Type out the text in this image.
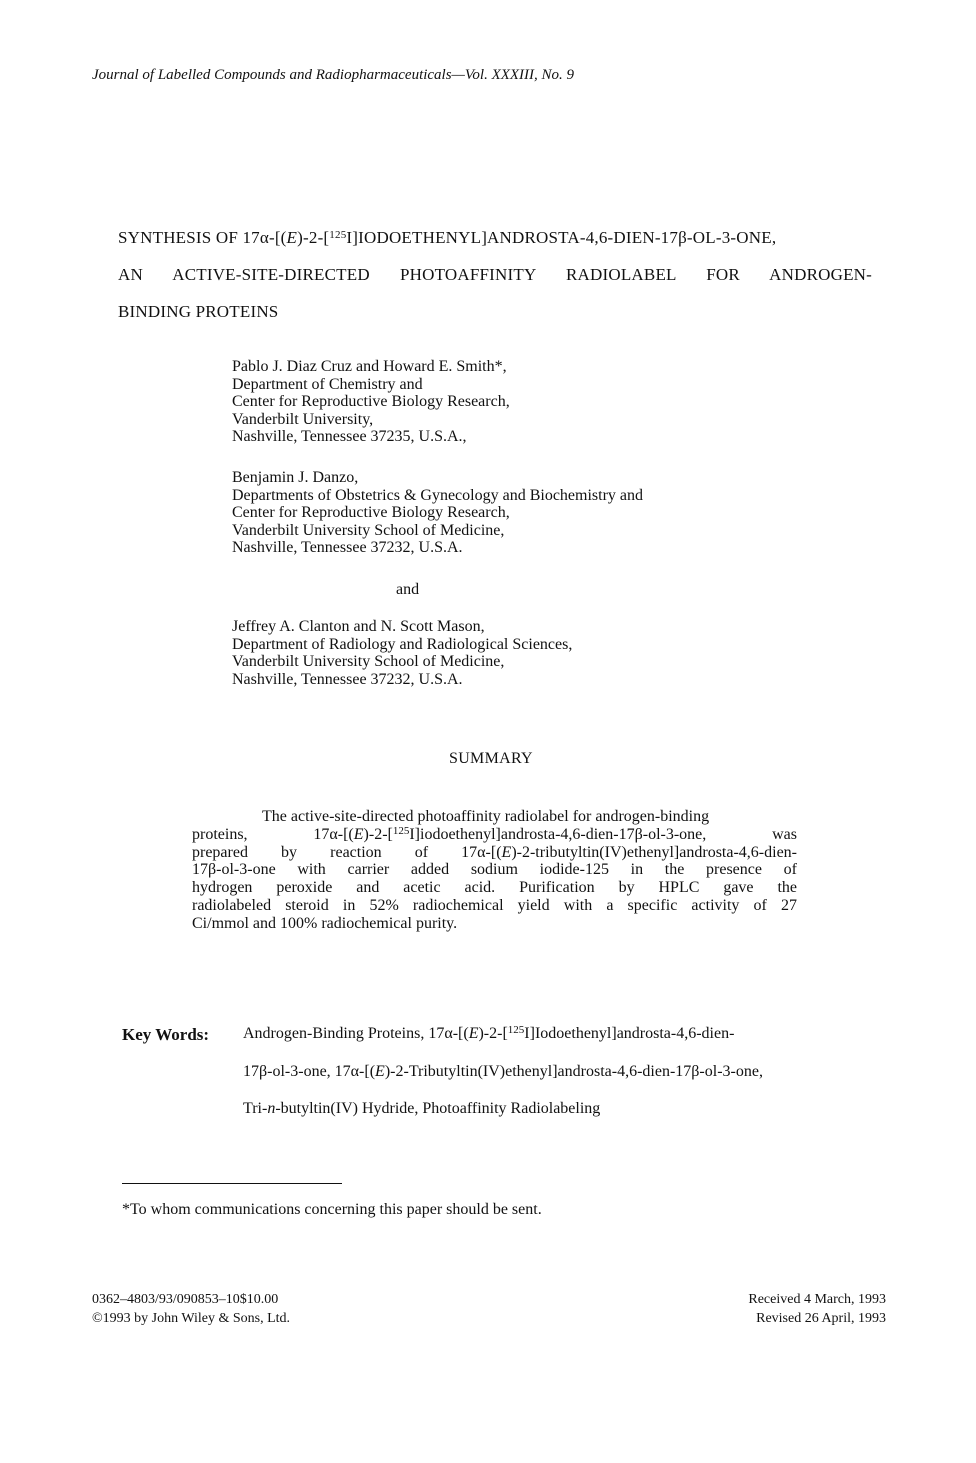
Journal of Labelled Compounds and Radiopharmaceuticals—Vol. XXXIII, No. 9
SYNTHESIS OF 17α-[(E)-2-[$^{125}$I]IODOETHENYL]ANDROSTA-4,6-DIEN-17β-OL-3-ONE,
AN ACTIVE-SITE-DIRECTED PHOTOAFFINITY RADIOLABEL FOR ANDROGEN-
BINDING PROTEINS
Pablo J. Diaz Cruz and Howard E. Smith*,
Department of Chemistry and
Center for Reproductive Biology Research,
Vanderbilt University,
Nashville, Tennessee 37235, U.S.A.,
Benjamin J. Danzo,
Departments of Obstetrics & Gynecology and Biochemistry and
Center for Reproductive Biology Research,
Vanderbilt University School of Medicine,
Nashville, Tennessee 37232, U.S.A.
and
Jeffrey A. Clanton and N. Scott Mason,
Department of Radiology and Radiological Sciences,
Vanderbilt University School of Medicine,
Nashville, Tennessee 37232, U.S.A.
SUMMARY
The active-site-directed photoaffinity radiolabel for androgen-binding
proteins, 17α-[(E)-2-[$^{125}$I]iodoethenyl]androsta-4,6-dien-17β-ol-3-one, was
prepared by reaction of 17α-[(E)-2-tributyltin(IV)ethenyl]androsta-4,6-dien-
17β-ol-3-one with carrier added sodium iodide-125 in the presence of
hydrogen peroxide and acetic acid. Purification by HPLC gave the
radiolabeled steroid in 52% radiochemical yield with a specific activity of 27
Ci/mmol and 100% radiochemical purity.
Key Words: Androgen-Binding Proteins, 17α-[(E)-2-[$^{125}$I]Iodoethenyl]androsta-4,6-dien-
17β-ol-3-one, 17α-[(E)-2-Tributyltin(IV)ethenyl]androsta-4,6-dien-17β-ol-3-one,
Tri-n-butyltin(IV) Hydride, Photoaffinity Radiolabeling
*To whom communications concerning this paper should be sent.
0362–4803/93/090853–10$10.00
©1993 by John Wiley & Sons, Ltd.
Received 4 March, 1993
Revised 26 April, 1993
